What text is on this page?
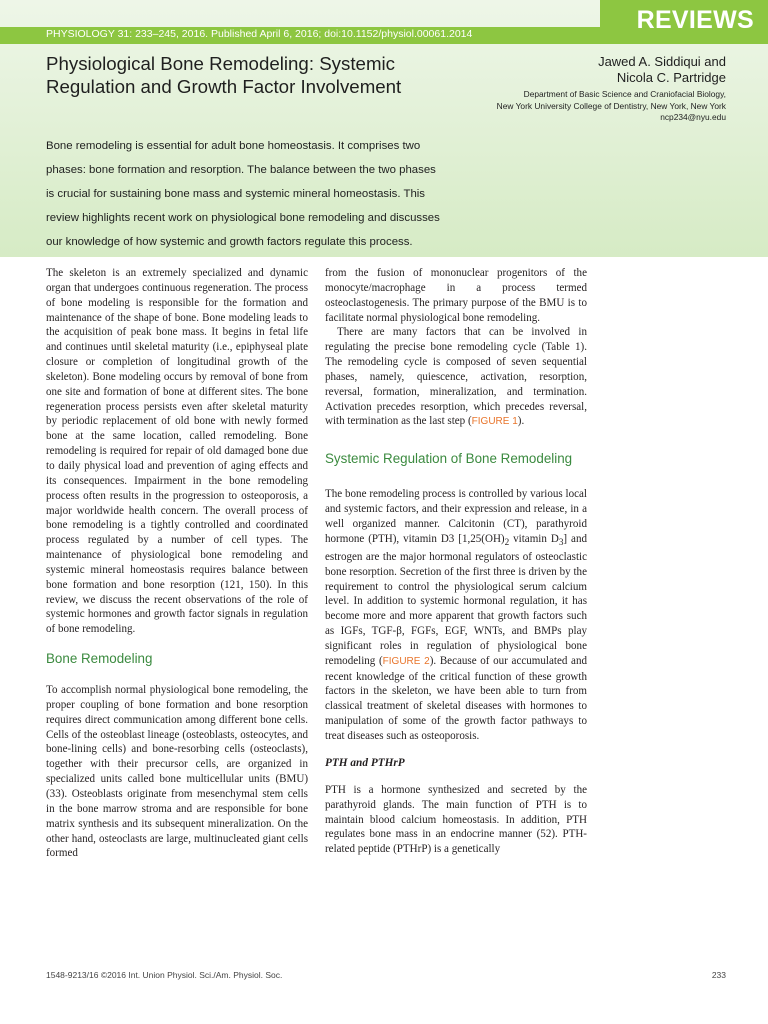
REVIEWS
PHYSIOLOGY 31: 233–245, 2016. Published April 6, 2016; doi:10.1152/physiol.00061.2014
Physiological Bone Remodeling: Systemic Regulation and Growth Factor Involvement
Jawed A. Siddiqui and
Nicola C. Partridge
Department of Basic Science and Craniofacial Biology,
New York University College of Dentistry, New York, New York
ncp234@nyu.edu

Bone remodeling is essential for adult bone homeostasis. It comprises two phases: bone formation and resorption. The balance between the two phases is crucial for sustaining bone mass and systemic mineral homeostasis. This review highlights recent work on physiological bone remodeling and discusses our knowledge of how systemic and growth factors regulate this process.

The skeleton is an extremely specialized and dynamic organ that undergoes continuous regeneration. The process of bone modeling is responsible for the formation and maintenance of the shape of bone. Bone modeling leads to the acquisition of peak bone mass. It begins in fetal life and continues until skeletal maturity (i.e., epiphyseal plate closure or completion of longitudinal growth of the skeleton). Bone modeling occurs by removal of bone from one site and formation of bone at different sites. The bone regeneration process persists even after skeletal maturity by periodic replacement of old bone with newly formed bone at the same location, called remodeling. Bone remodeling is required for repair of old damaged bone due to daily physical load and prevention of aging effects and its consequences. Impairment in the bone remodeling process often results in the progression to osteoporosis, a major worldwide health concern. The overall process of bone remodeling is a tightly controlled and coordinated process regulated by a number of cell types. The maintenance of physiological bone remodeling and systemic mineral homeostasis requires balance between bone formation and bone resorption (121, 150). In this review, we discuss the recent observations of the role of systemic hormones and growth factor signals in regulation of bone remodeling.

Bone Remodeling

To accomplish normal physiological bone remodeling, the proper coupling of bone formation and bone resorption requires direct communication among different bone cells. Cells of the osteoblast lineage (osteoblasts, osteocytes, and bone-lining cells) and bone-resorbing cells (osteoclasts), together with their precursor cells, are organized in specialized units called bone multicellular units (BMU) (33). Osteoblasts originate from mesenchymal stem cells in the bone marrow stroma and are responsible for bone matrix synthesis and its subsequent mineralization. On the other hand, osteoclasts are large, multinucleated giant cells formed

from the fusion of mononuclear progenitors of the monocyte/macrophage in a process termed osteoclastogenesis. The primary purpose of the BMU is to facilitate normal physiological bone remodeling.

There are many factors that can be involved in regulating the precise bone remodeling cycle (Table 1). The remodeling cycle is composed of seven sequential phases, namely, quiescence, activation, resorption, reversal, formation, mineralization, and termination. Activation precedes resorption, which precedes reversal, with termination as the last step (FIGURE 1).

Systemic Regulation of Bone Remodeling

The bone remodeling process is controlled by various local and systemic factors, and their expression and release, in a well organized manner. Calcitonin (CT), parathyroid hormone (PTH), vitamin D3 [$1,25(OH)_2$ vitamin $D_3$] and estrogen are the major hormonal regulators of osteoclastic bone resorption. Secretion of the first three is driven by the requirement to control the physiological serum calcium level. In addition to systemic hormonal regulation, it has become more and more apparent that growth factors such as IGFs, TGF-β, FGFs, EGF, WNTs, and BMPs play significant roles in regulation of physiological bone remodeling (FIGURE 2). Because of our accumulated and recent knowledge of the critical function of these growth factors in the skeleton, we have been able to turn from classical treatment of skeletal diseases with hormones to manipulation of some of the growth factor pathways to treat diseases such as osteoporosis.

PTH and PTHrP

PTH is a hormone synthesized and secreted by the parathyroid glands. The main function of PTH is to maintain blood calcium homeostasis. In addition, PTH regulates bone mass in an endocrine manner (52). PTH-related peptide (PTHrP) is a genetically

1548-9213/16 ©2016 Int. Union Physiol. Sci./Am. Physiol. Soc.	233
